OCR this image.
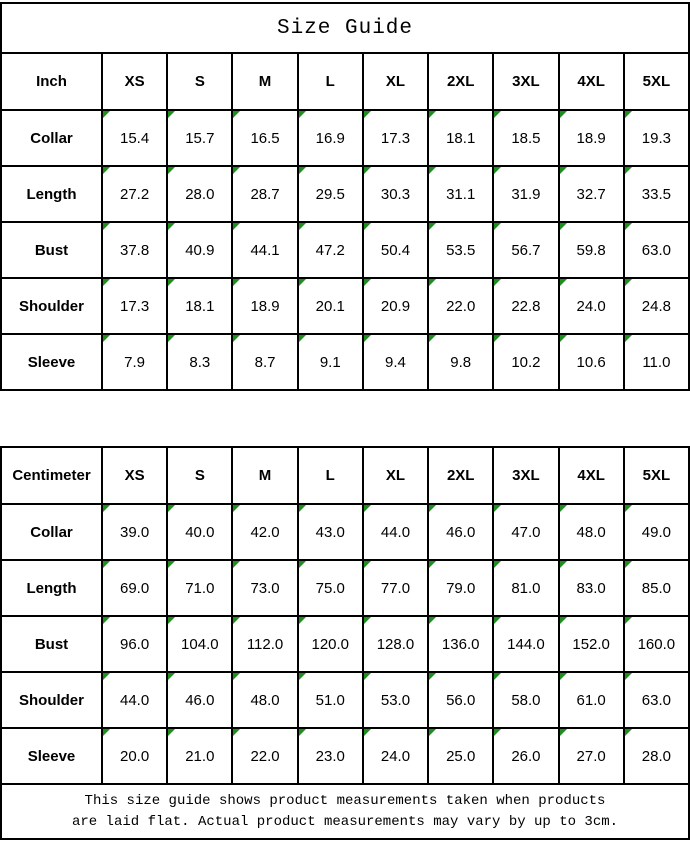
Size Guide									
Inch	XS	S	M	L	XL	2XL	3XL	4XL	5XL
Collar	15.4	15.7	16.5	16.9	17.3	18.1	18.5	18.9	19.3
Length	27.2	28.0	28.7	29.5	30.3	31.1	31.9	32.7	33.5
Bust	37.8	40.9	44.1	47.2	50.4	53.5	56.7	59.8	63.0
Shoulder	17.3	18.1	18.9	20.1	20.9	22.0	22.8	24.0	24.8
Sleeve	7.9	8.3	8.7	9.1	9.4	9.8	10.2	10.6	11.0
Centimeter	XS	S	M	L	XL	2XL	3XL	4XL	5XL
Collar	39.0	40.0	42.0	43.0	44.0	46.0	47.0	48.0	49.0
Length	69.0	71.0	73.0	75.0	77.0	79.0	81.0	83.0	85.0
Bust	96.0	104.0	112.0	120.0	128.0	136.0	144.0	152.0	160.0
Shoulder	44.0	46.0	48.0	51.0	53.0	56.0	58.0	61.0	63.0
Sleeve	20.0	21.0	22.0	23.0	24.0	25.0	26.0	27.0	28.0

This size guide shows product measurements taken when products
are laid flat. Actual product measurements may vary by up to 3cm.									
